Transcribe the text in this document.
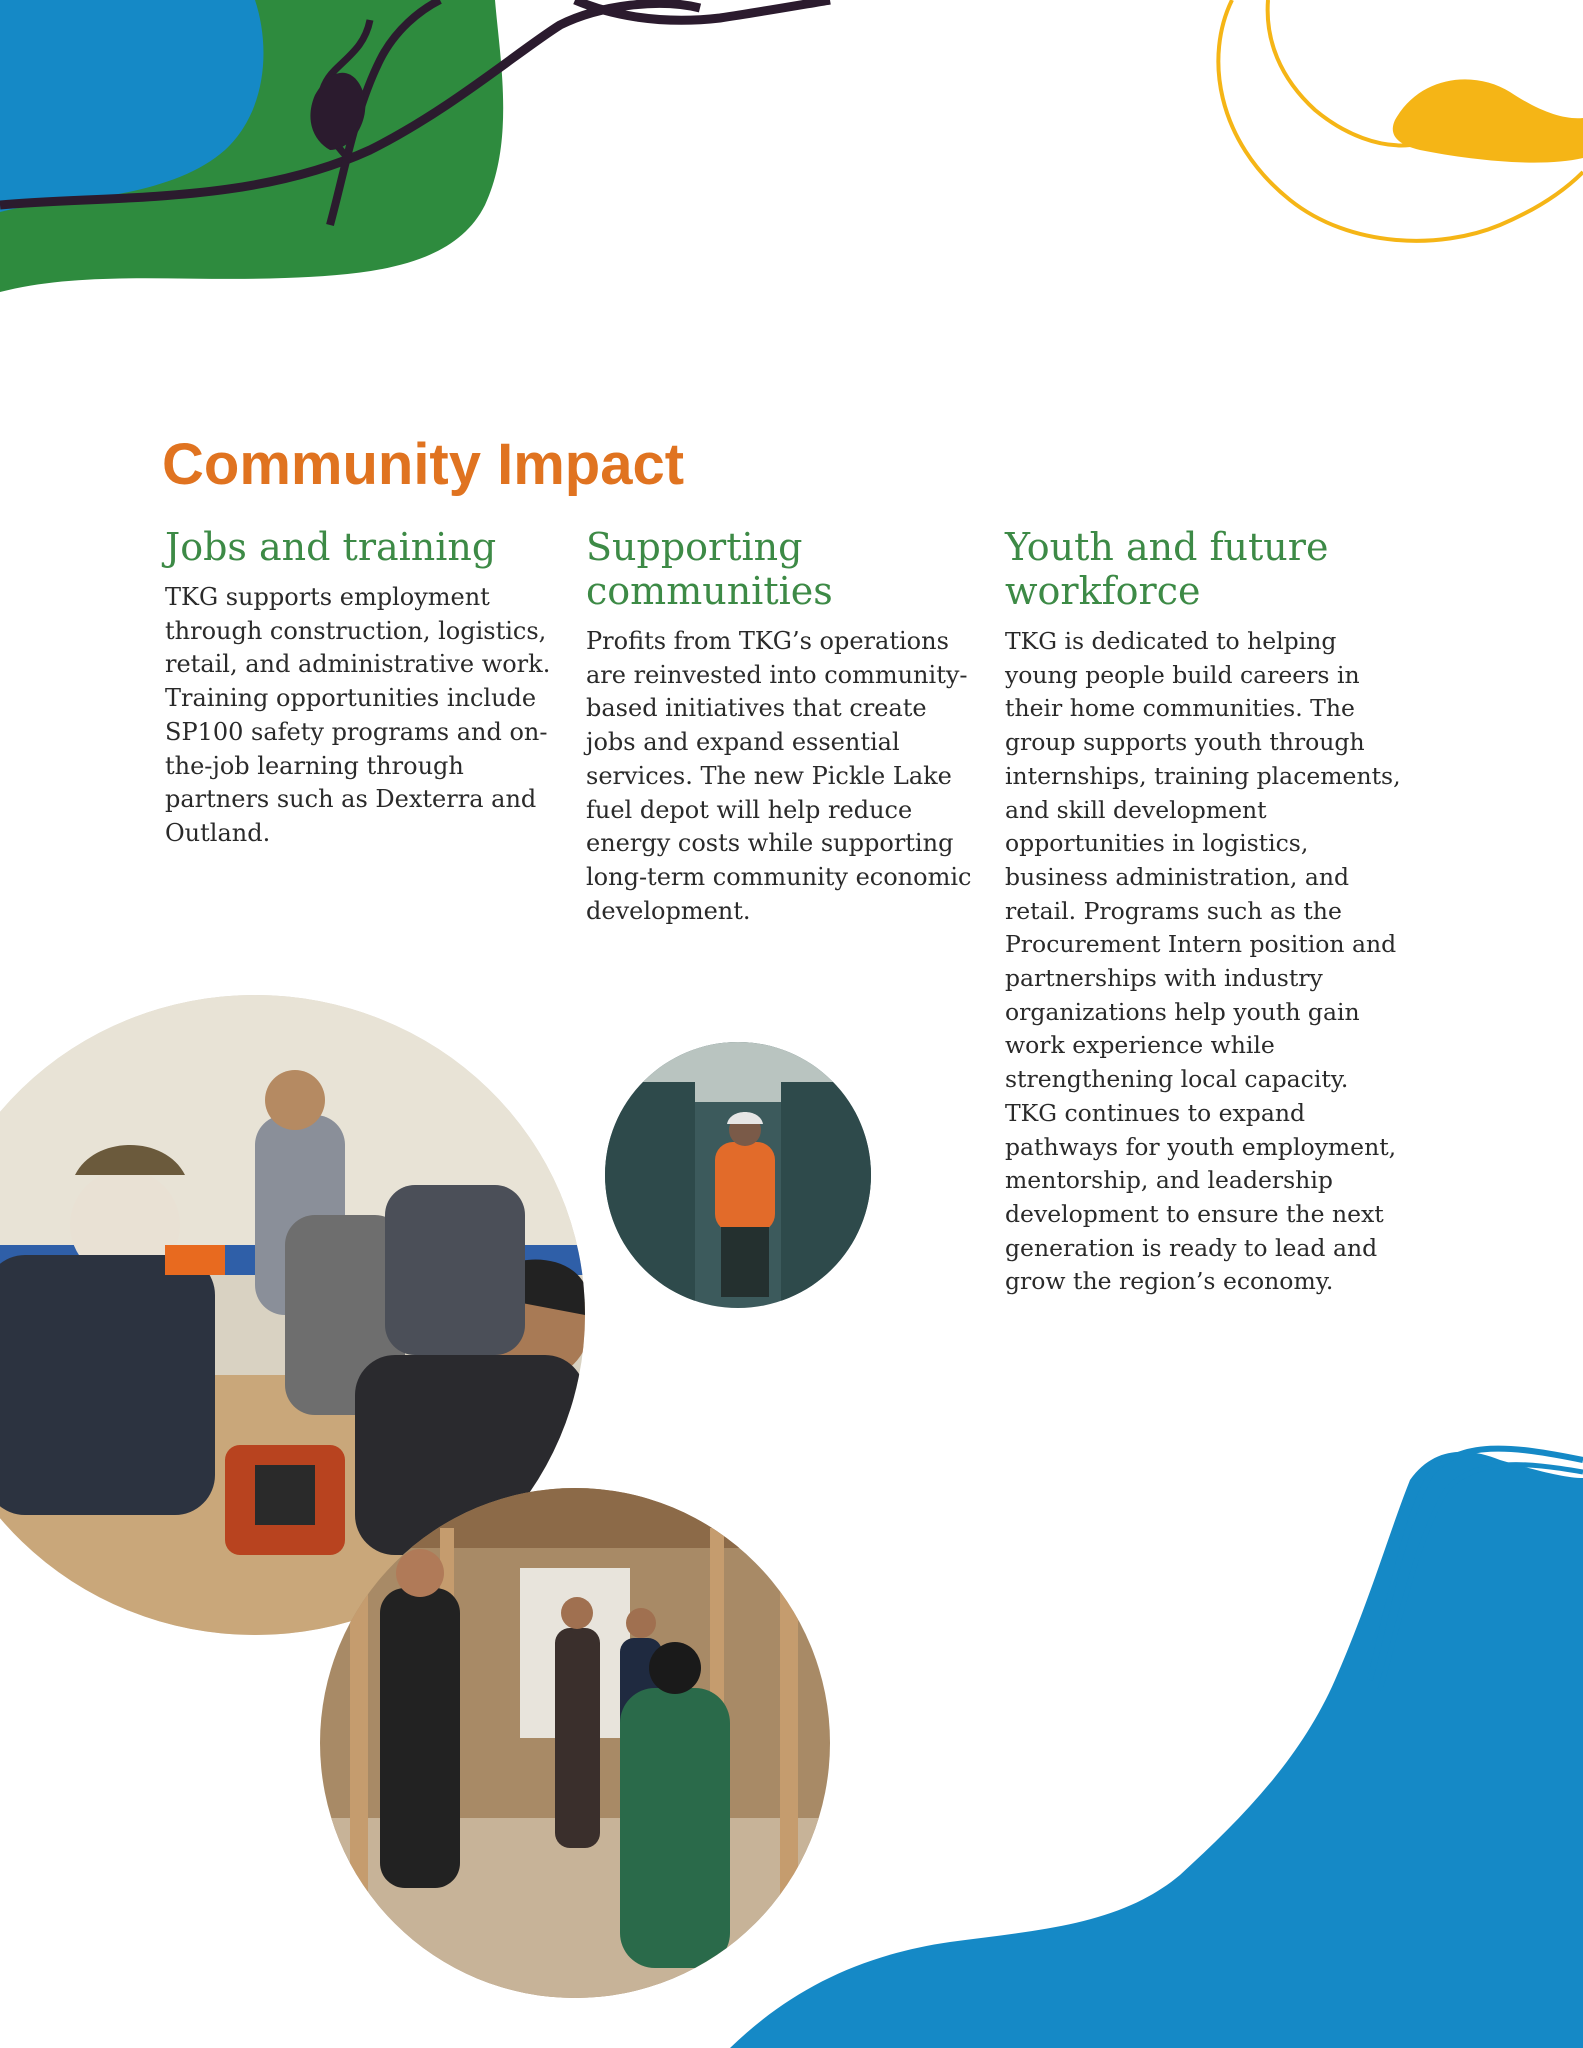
Community Impact
Jobs and training

TKG supports employment through construction, logistics, retail, and administrative work. Training opportunities include SP100 safety programs and on-the-job learning through partners such as Dexterra and Outland.

Supporting communities

Profits from TKG’s operations are reinvested into community-based initiatives that create jobs and expand essential services. The new Pickle Lake fuel depot will help reduce energy costs while supporting long-term community economic development.

Youth and future workforce

TKG is dedicated to helping young people build careers in their home communities. The group supports youth through internships, training placements, and skill development opportunities in logistics, business administration, and retail. Programs such as the Procurement Intern position and partnerships with industry organizations help youth gain work experience while strengthening local capacity. TKG continues to expand pathways for youth employment, mentorship, and leadership development to ensure the next generation is ready to lead and grow the region’s economy.
